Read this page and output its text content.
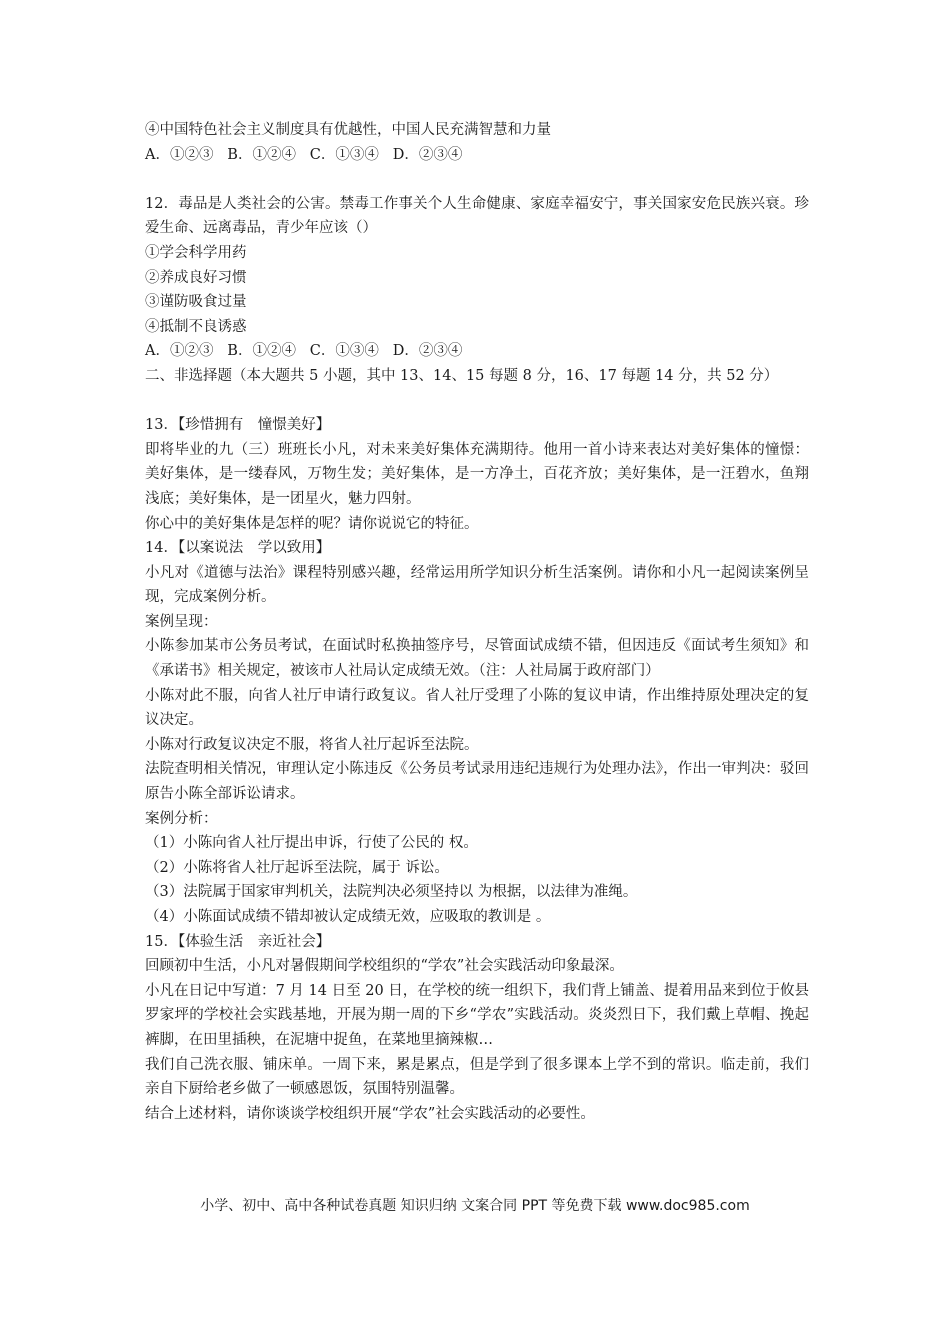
④中国特色社会主义制度具有优越性，中国人民充满智慧和力量
A．①②③   B．①②④   C．①③④   D．②③④
12．毒品是人类社会的公害。禁毒工作事关个人生命健康、家庭幸福安宁，事关国家安危民族兴衰。珍爱生命、远离毒品，青少年应该（）
①学会科学用药
②养成良好习惯
③谨防吸食过量
④抵制不良诱惑
A．①②③   B．①②④   C．①③④   D．②③④
二、非选择题（本大题共 5 小题，其中 13、14、15 每题 8 分，16、17 每题 14 分，共 52 分）
13．【珍惜拥有　憧憬美好】
即将毕业的九（三）班班长小凡，对未来美好集体充满期待。他用一首小诗来表达对美好集体的憧憬：美好集体，是一缕春风，万物生发；美好集体，是一方净土，百花齐放；美好集体，是一汪碧水，鱼翔浅底；美好集体，是一团星火，魅力四射。
你心中的美好集体是怎样的呢？请你说说它的特征。
14．【以案说法　学以致用】
小凡对《道德与法治》课程特别感兴趣，经常运用所学知识分析生活案例。请你和小凡一起阅读案例呈现，完成案例分析。
案例呈现：
小陈参加某市公务员考试，在面试时私换抽签序号，尽管面试成绩不错，但因违反《面试考生须知》和《承诺书》相关规定，被该市人社局认定成绩无效。（注：人社局属于政府部门）
小陈对此不服，向省人社厅申请行政复议。省人社厅受理了小陈的复议申请，作出维持原处理决定的复议决定。
小陈对行政复议决定不服，将省人社厅起诉至法院。
法院查明相关情况，审理认定小陈违反《公务员考试录用违纪违规行为处理办法》，作出一审判决：驳回原告小陈全部诉讼请求。
案例分析：
（1）小陈向省人社厅提出申诉，行使了公民的 权。
（2）小陈将省人社厅起诉至法院，属于 诉讼。
（3）法院属于国家审判机关，法院判决必须坚持以 为根据，以法律为准绳。
（4）小陈面试成绩不错却被认定成绩无效，应吸取的教训是 。
15．【体验生活　亲近社会】
回顾初中生活，小凡对暑假期间学校组织的“学农”社会实践活动印象最深。
小凡在日记中写道：7 月 14 日至 20 日，在学校的统一组织下，我们背上铺盖、提着用品来到位于攸县罗家坪的学校社会实践基地，开展为期一周的下乡“学农”实践活动。炎炎烈日下，我们戴上草帽、挽起裤脚，在田里插秧，在泥塘中捉鱼，在菜地里摘辣椒…
我们自己洗衣服、铺床单。一周下来，累是累点，但是学到了很多课本上学不到的常识。临走前，我们亲自下厨给老乡做了一顿感恩饭，氛围特别温馨。
结合上述材料，请你谈谈学校组织开展“学农”社会实践活动的必要性。
小学、初中、高中各种试卷真题 知识归纳 文案合同 PPT 等免费下载 www.doc985.com
